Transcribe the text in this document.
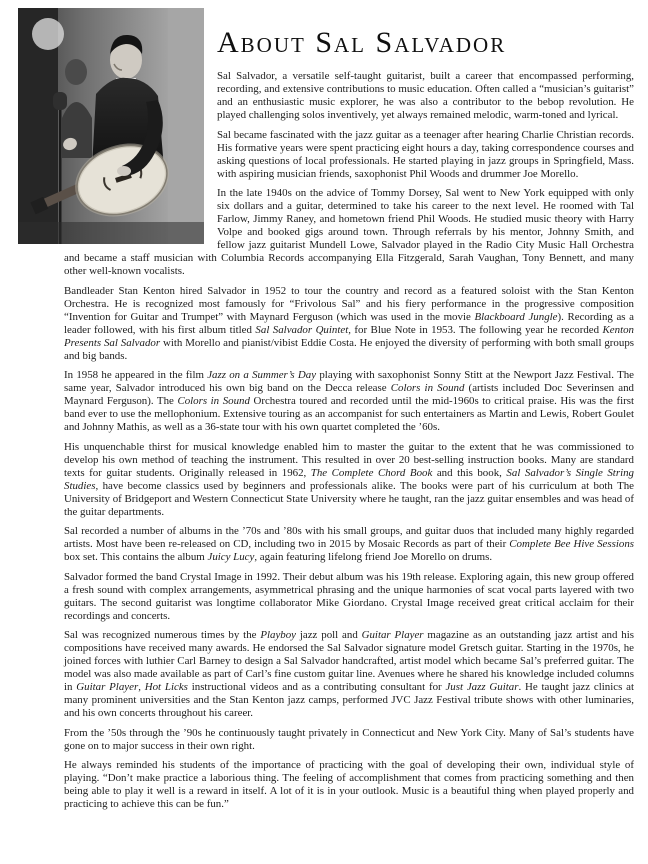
About Sal Salvador

Sal Salvador, a versatile self-taught guitarist, built a career that encompassed performing, recording, and extensive contributions to music education. Often called a “musician’s guitarist” and an enthusiastic music explorer, he was also a contributor to the bebop revolution. He played challenging solos inventively, yet always remained melodic, warm-toned and lyrical.

Sal became fascinated with the jazz guitar as a teenager after hearing Charlie Christian records. His formative years were spent practicing eight hours a day, taking correspondence courses and asking questions of local professionals. He started playing in jazz groups in Springfield, Mass. with aspiring musician friends, saxophonist Phil Woods and drummer Joe Morello.

In the late 1940s on the advice of Tommy Dorsey, Sal went to New York equipped with only six dollars and a guitar, determined to take his career to the next level. He roomed with Tal Farlow, Jimmy Raney, and hometown friend Phil Woods. He studied music theory with Harry Volpe and booked gigs around town. Through referrals by his mentor, Johnny Smith, and fellow jazz guitarist Mundell Lowe, Salvador played in the Radio City Music Hall Orchestra and became a staff musician with Columbia Records accompanying Ella Fitzgerald, Sarah Vaughan, Tony Bennett, and many other well-known vocalists.

Bandleader Stan Kenton hired Salvador in 1952 to tour the country and record as a featured soloist with the Stan Kenton Orchestra. He is recognized most famously for “Frivolous Sal” and his fiery performance in the progressive composition “Invention for Guitar and Trumpet” with Maynard Ferguson (which was used in the movie Blackboard Jungle). Recording as a leader followed, with his first album titled Sal Salvador Quintet, for Blue Note in 1953. The following year he recorded Kenton Presents Sal Salvador with Morello and pianist/vibist Eddie Costa. He enjoyed the diversity of performing with both small groups and big bands.

In 1958 he appeared in the film Jazz on a Summer’s Day playing with saxophonist Sonny Stitt at the Newport Jazz Festival. The same year, Salvador introduced his own big band on the Decca release Colors in Sound (artists included Doc Severinsen and Maynard Ferguson). The Colors in Sound Orchestra toured and recorded until the mid-1960s to critical praise. His was the first band ever to use the mellophonium. Extensive touring as an accompanist for such entertainers as Martin and Lewis, Robert Goulet and Johnny Mathis, as well as a 36-state tour with his own quartet completed the ’60s.

His unquenchable thirst for musical knowledge enabled him to master the guitar to the extent that he was commissioned to develop his own method of teaching the instrument. This resulted in over 20 best-selling instruction books. Many are standard texts for guitar students. Originally released in 1962, The Complete Chord Book and this book, Sal Salvador’s Single String Studies, have become classics used by beginners and professionals alike. The books were part of his curriculum at both The University of Bridgeport and Western Connecticut State University where he taught, ran the jazz guitar ensembles and was head of the guitar departments.

Sal recorded a number of albums in the ’70s and ’80s with his small groups, and guitar duos that included many highly regarded artists. Most have been re-released on CD, including two in 2015 by Mosaic Records as part of their Complete Bee Hive Sessions box set. This contains the album Juicy Lucy, again featuring lifelong friend Joe Morello on drums.

Salvador formed the band Crystal Image in 1992. Their debut album was his 19th release. Exploring again, this new group offered a fresh sound with complex arrangements, asymmetrical phrasing and the unique harmonies of scat vocal parts layered with two guitars. The second guitarist was longtime collaborator Mike Giordano. Crystal Image received great critical acclaim for their recordings and concerts.

Sal was recognized numerous times by the Playboy jazz poll and Guitar Player magazine as an outstanding jazz artist and his compositions have received many awards. He endorsed the Sal Salvador signature model Gretsch guitar. Starting in the 1970s, he joined forces with luthier Carl Barney to design a Sal Salvador handcrafted, artist model which became Sal’s preferred guitar. The model was also made available as part of Carl’s fine custom guitar line. Avenues where he shared his knowledge included columns in Guitar Player, Hot Licks instructional videos and as a contributing consultant for Just Jazz Guitar. He taught jazz clinics at many prominent universities and the Stan Kenton jazz camps, performed JVC Jazz Festival tribute shows with other luminaries, and his own concerts throughout his career.

From the ’50s through the ’90s he continuously taught privately in Connecticut and New York City. Many of Sal’s students have gone on to major success in their own right.

He always reminded his students of the importance of practicing with the goal of developing their own, individual style of playing. “Don’t make practice a laborious thing. The feeling of accomplishment that comes from practicing something and then being able to play it well is a reward in itself. A lot of it is in your outlook. Music is a beautiful thing when played properly and practicing to achieve this can be fun.”
